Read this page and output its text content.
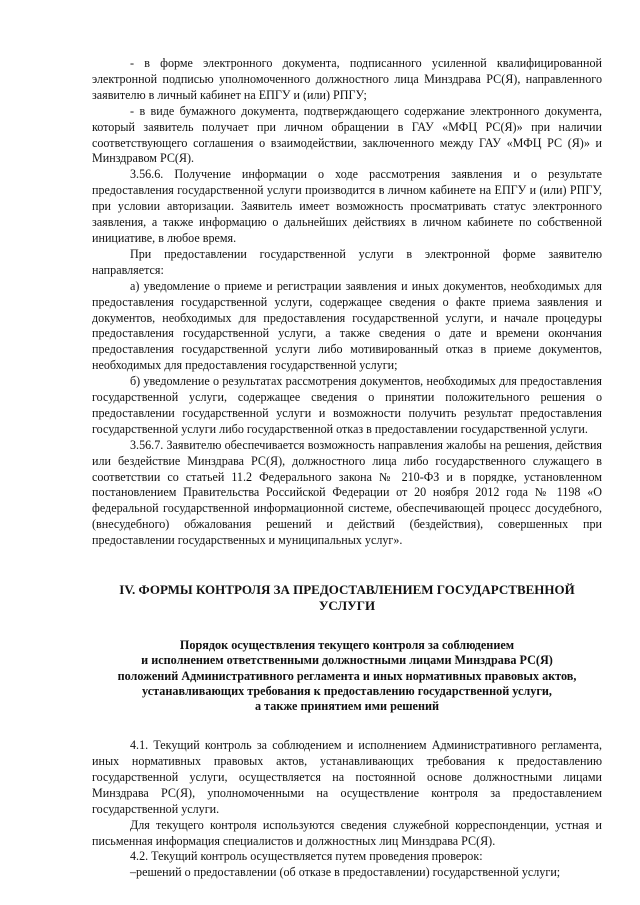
- в форме электронного документа, подписанного усиленной квалифицированной электронной подписью уполномоченного должностного лица Минздрава РС(Я), направленного заявителю в личный кабинет на ЕПГУ и (или) РПГУ;

- в виде бумажного документа, подтверждающего содержание электронного документа, который заявитель получает при личном обращении в ГАУ «МФЦ РС(Я)» при наличии соответствующего соглашения о взаимодействии, заключенного между ГАУ «МФЦ РС (Я)» и Минздравом РС(Я).

3.56.6. Получение информации о ходе рассмотрения заявления и о результате предоставления государственной услуги производится в личном кабинете на ЕПГУ и (или) РПГУ, при условии авторизации. Заявитель имеет возможность просматривать статус электронного заявления, а также информацию о дальнейших действиях в личном кабинете по собственной инициативе, в любое время.

При предоставлении государственной услуги в электронной форме заявителю направляется:

а) уведомление о приеме и регистрации заявления и иных документов, необходимых для предоставления государственной услуги, содержащее сведения о факте приема заявления и документов, необходимых для предоставления государственной услуги, и начале процедуры предоставления государственной услуги, а также сведения о дате и времени окончания предоставления государственной услуги либо мотивированный отказ в приеме документов, необходимых для предоставления государственной услуги;

б) уведомление о результатах рассмотрения документов, необходимых для предоставления государственной услуги, содержащее сведения о принятии положительного решения о предоставлении государственной услуги и возможности получить результат предоставления государственной услуги либо государственной отказ в предоставлении государственной услуги.

3.56.7. Заявителю обеспечивается возможность направления жалобы на решения, действия или бездействие Минздрава РС(Я), должностного лица либо государственного служащего в соответствии со статьей 11.2 Федерального закона № 210-ФЗ и в порядке, установленном постановлением Правительства Российской Федерации от 20 ноября 2012 года № 1198 «О федеральной государственной информационной системе, обеспечивающей процесс досудебного, (внесудебного) обжалования решений и действий (бездействия), совершенных при предоставлении государственных и муниципальных услуг».

IV. ФОРМЫ КОНТРОЛЯ ЗА ПРЕДОСТАВЛЕНИЕМ ГОСУДАРСТВЕННОЙ
УСЛУГИ
Порядок осуществления текущего контроля за соблюдением
и исполнением ответственными должностными лицами Минздрава РС(Я)
положений Административного регламента и иных нормативных правовых актов,
устанавливающих требования к предоставлению государственной услуги,
а также принятием ими решений

4.1. Текущий контроль за соблюдением и исполнением Административного регламента, иных нормативных правовых актов, устанавливающих требования к предоставлению государственной услуги, осуществляется на постоянной основе должностными лицами Минздрава РС(Я), уполномоченными на осуществление контроля за предоставлением государственной услуги.

Для текущего контроля используются сведения служебной корреспонденции, устная и письменная информация специалистов и должностных лиц Минздрава РС(Я).

4.2. Текущий контроль осуществляется путем проведения проверок:

–решений о предоставлении (об отказе в предоставлении) государственной услуги;
